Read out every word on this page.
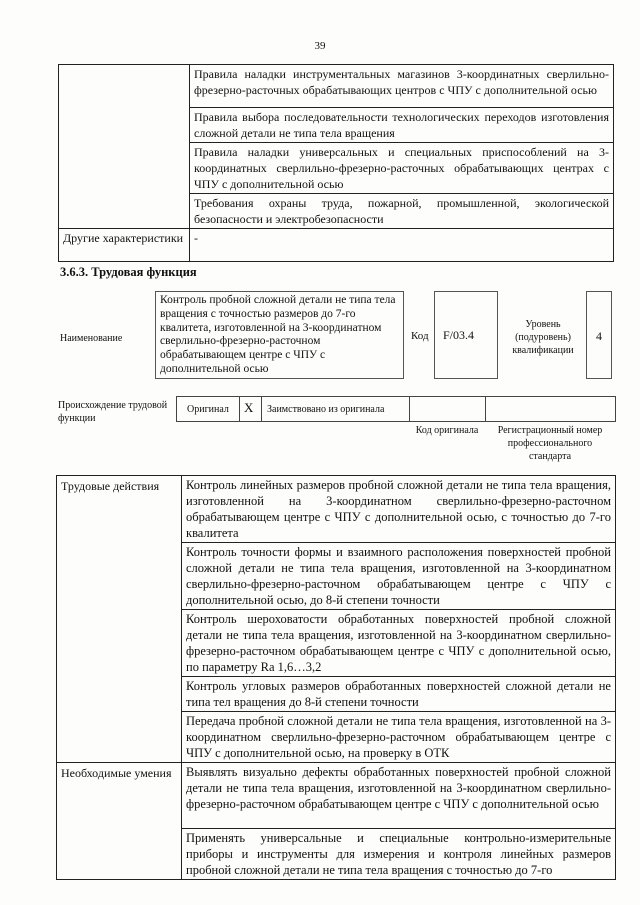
39
	Правила наладки инструментальных магазинов 3-координатных сверлильно-фрезерно-расточных обрабатывающих центров с ЧПУ с дополнительной осью
	Правила выбора последовательности технологических переходов изготовления сложной детали не типа тела вращения
	Правила наладки универсальных и специальных приспособлений на 3-координатных сверлильно-фрезерно-расточных обрабатывающих центрах с ЧПУ с дополнительной осью
	Требования охраны труда, пожарной, промышленной, экологической безопасности и электробезопасности
Другие характеристики	-
3.6.3. Трудовая функция
Наименование
Контроль пробной сложной детали не типа тела вращения с точностью размеров до 7-го квалитета, изготовленной на 3-координатном сверлильно-фрезерно-расточном обрабатывающем центре с ЧПУ с дополнительной осью
Код	F/03.4
Уровень (подуровень) квалификации
4
Происхождение трудовой функции
Оригинал X Заимствовано из оригинала
Код оригинала	Регистрационный номер профессионального стандарта
Трудовые действия	Контроль линейных размеров пробной сложной детали не типа тела вращения, изготовленной на 3-координатном сверлильно-фрезерно-расточном обрабатывающем центре с ЧПУ с дополнительной осью, с точностью до 7-го квалитета
	Контроль точности формы и взаимного расположения поверхностей пробной сложной детали не типа тела вращения, изготовленной на 3-координатном сверлильно-фрезерно-расточном обрабатывающем центре с ЧПУ с дополнительной осью, до 8-й степени точности
	Контроль шероховатости обработанных поверхностей пробной сложной детали не типа тела вращения, изготовленной на 3-координатном сверлильно-фрезерно-расточном обрабатывающем центре с ЧПУ с дополнительной осью, по параметру Ra 1,6…3,2
	Контроль угловых размеров обработанных поверхностей сложной детали не типа тел вращения до 8-й степени точности
	Передача пробной сложной детали не типа тела вращения, изготовленной на 3-координатном сверлильно-фрезерно-расточном обрабатывающем центре с ЧПУ с дополнительной осью, на проверку в ОТК
Необходимые умения	Выявлять визуально дефекты обработанных поверхностей пробной сложной детали не типа тела вращения, изготовленной на 3-координатном сверлильно-фрезерно-расточном обрабатывающем центре с ЧПУ с дополнительной осью
	Применять универсальные и специальные контрольно-измерительные приборы и инструменты для измерения и контроля линейных размеров пробной сложной детали не типа тела вращения с точностью до 7-го
